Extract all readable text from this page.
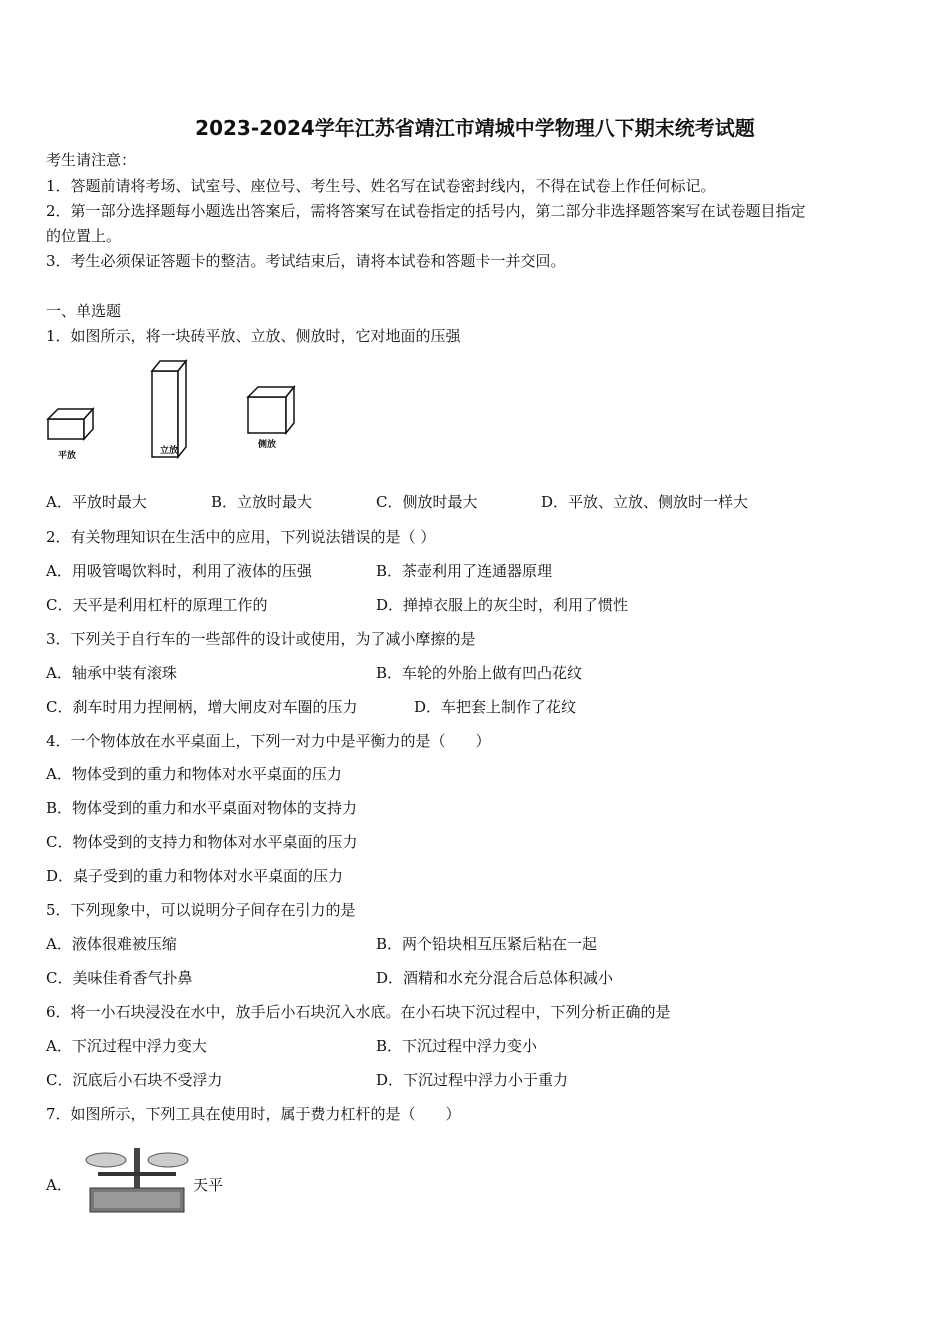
2023-2024学年江苏省靖江市靖城中学物理八下期末统考试题
考生请注意：
1．答题前请将考场、试室号、座位号、考生号、姓名写在试卷密封线内，不得在试卷上作任何标记。
2．第一部分选择题每小题选出答案后，需将答案写在试卷指定的括号内，第二部分非选择题答案写在试卷题目指定
的位置上。
3．考生必须保证答题卡的整洁。考试结束后，请将本试卷和答题卡一并交回。
一、单选题
1．如图所示，将一块砖平放、立放、侧放时，它对地面的压强
平放	立放
侧放
A．平放时最大	B．立放时最大	C．侧放时最大	D．平放、立放、侧放时一样大
2．有关物理知识在生活中的应用，下列说法错误的是（ ）
A．用吸管喝饮料时，利用了液体的压强	B．茶壶利用了连通器原理
C．天平是利用杠杆的原理工作的	D．掸掉衣服上的灰尘时，利用了惯性
3．下列关于自行车的一些部件的设计或使用，为了减小摩擦的是
A．轴承中装有滚珠	B．车轮的外胎上做有凹凸花纹
C．刹车时用力捏闸柄，增大闸皮对车圈的压力	D．车把套上制作了花纹
4．一个物体放在水平桌面上，下列一对力中是平衡力的是（　　）
A．物体受到的重力和物体对水平桌面的压力
B．物体受到的重力和水平桌面对物体的支持力
C．物体受到的支持力和物体对水平桌面的压力
D．桌子受到的重力和物体对水平桌面的压力
5．下列现象中，可以说明分子间存在引力的是
A．液体很难被压缩	B．两个铅块相互压紧后粘在一起
C．美味佳肴香气扑鼻	D．酒精和水充分混合后总体积减小
6．将一小石块浸没在水中，放手后小石块沉入水底。在小石块下沉过程中，下列分析正确的是
A．下沉过程中浮力变大	B．下沉过程中浮力变小
C．沉底后小石块不受浮力	D．下沉过程中浮力小于重力
7．如图所示，下列工具在使用时，属于费力杠杆的是（　　）
A．	天平
